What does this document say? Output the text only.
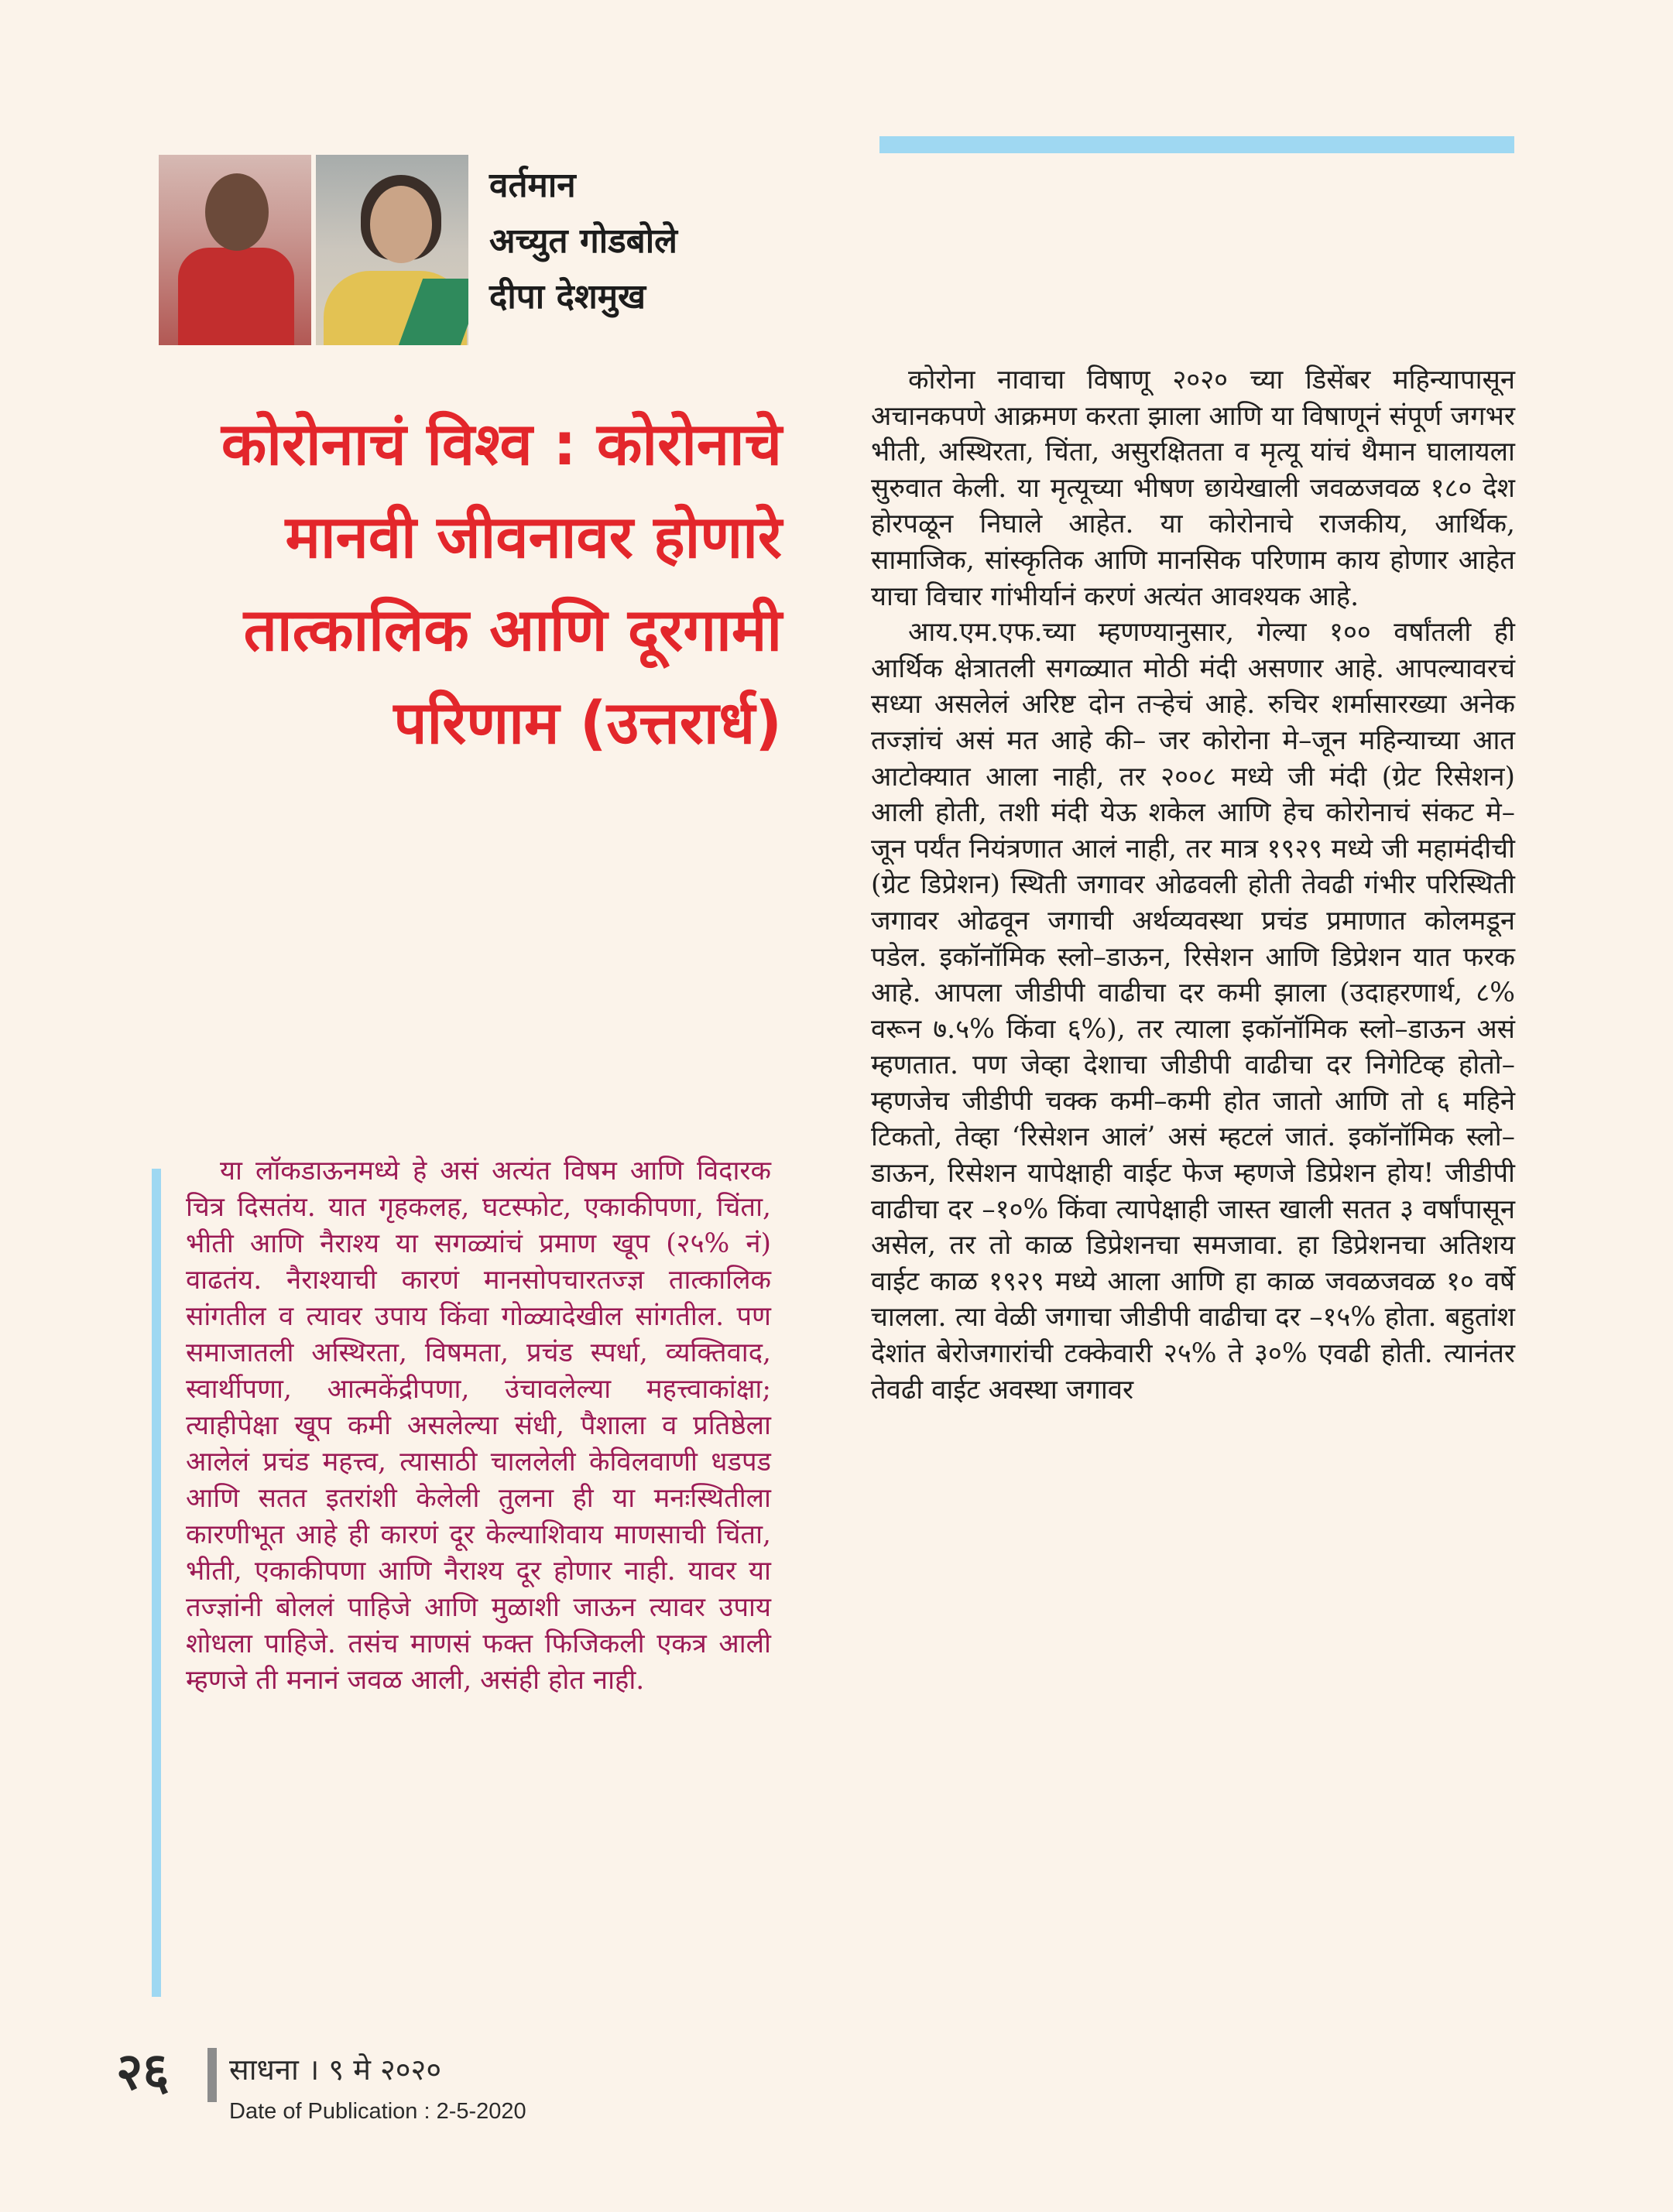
वर्तमान
अच्युत गोडबोले
दीपा देशमुख
कोरोनाचं विश्व : कोरोनाचे
मानवी जीवनावर होणारे
तात्कालिक आणि दूरगामी
परिणाम (उत्तरार्ध)

कोरोना नावाचा विषाणू २०२० च्या डिसेंबर महिन्यापासून अचानकपणे आक्रमण करता झाला आणि या विषाणूनं संपूर्ण जगभर भीती, अस्थिरता, चिंता, असुरक्षितता व मृत्यू यांचं थैमान घालायला सुरुवात केली. या मृत्यूच्या भीषण छायेखाली जवळजवळ १८० देश होरपळून निघाले आहेत. या कोरोनाचे राजकीय, आर्थिक, सामाजिक, सांस्कृतिक आणि मानसिक परिणाम काय होणार आहेत याचा विचार गांभीर्यानं करणं अत्यंत आवश्यक आहे.

आय.एम.एफ.च्या म्हणण्यानुसार, गेल्या १०० वर्षांतली ही आर्थिक क्षेत्रातली सगळ्यात मोठी मंदी असणार आहे. आपल्यावरचं सध्या असलेलं अरिष्ट दोन तऱ्हेचं आहे. रुचिर शर्मासारख्या अनेक तज्ज्ञांचं असं मत आहे की– जर कोरोना मे–जून महिन्याच्या आत आटोक्यात आला नाही, तर २००८ मध्ये जी मंदी (ग्रेट रिसेशन) आली होती, तशी मंदी येऊ शकेल आणि हेच कोरोनाचं संकट मे–जून पर्यंत नियंत्रणात आलं नाही, तर मात्र १९२९ मध्ये जी महामंदीची (ग्रेट डिप्रेशन) स्थिती जगावर ओढवली होती तेवढी गंभीर परिस्थिती जगावर ओढवून जगाची अर्थव्यवस्था प्रचंड प्रमाणात कोलमडून पडेल. इकॉनॉमिक स्लो–डाऊन, रिसेशन आणि डिप्रेशन यात फरक आहे. आपला जीडीपी वाढीचा दर कमी झाला (उदाहरणार्थ, ८% वरून ७.५% किंवा ६%), तर त्याला इकॉनॉमिक स्लो–डाऊन असं म्हणतात. पण जेव्हा देशाचा जीडीपी वाढीचा दर निगेटिव्ह होतो– म्हणजेच जीडीपी चक्क कमी–कमी होत जातो आणि तो ६ महिने टिकतो, तेव्हा ‘रिसेशन आलं’ असं म्हटलं जातं. इकॉनॉमिक स्लो–डाऊन, रिसेशन यापेक्षाही वाईट फेज म्हणजे डिप्रेशन होय! जीडीपी वाढीचा दर –१०% किंवा त्यापेक्षाही जास्त खाली सतत ३ वर्षांपासून असेल, तर तो काळ डिप्रेशनचा समजावा. हा डिप्रेशनचा अतिशय वाईट काळ १९२९ मध्ये आला आणि हा काळ जवळजवळ १० वर्षे चालला. त्या वेळी जगाचा जीडीपी वाढीचा दर –१५% होता. बहुतांश देशांत बेरोजगारांची टक्केवारी २५% ते ३०% एवढी होती. त्यानंतर तेवढी वाईट अवस्था जगावर

या लॉकडाऊनमध्ये हे असं अत्यंत विषम आणि विदारक चित्र दिसतंय. यात गृहकलह, घटस्फोट, एकाकीपणा, चिंता, भीती आणि नैराश्य या सगळ्यांचं प्रमाण खूप (२५% नं) वाढतंय. नैराश्याची कारणं मानसोपचारतज्ज्ञ तात्कालिक सांगतील व त्यावर उपाय किंवा गोळ्यादेखील सांगतील. पण समाजातली अस्थिरता, विषमता, प्रचंड स्पर्धा, व्यक्तिवाद, स्वार्थीपणा, आत्मकेंद्रीपणा, उंचावलेल्या महत्त्वाकांक्षा; त्याहीपेक्षा खूप कमी असलेल्या संधी, पैशाला व प्रतिष्ठेला आलेलं प्रचंड महत्त्व, त्यासाठी चाललेली केविलवाणी धडपड आणि सतत इतरांशी केलेली तुलना ही या मनःस्थितीला कारणीभूत आहे ही कारणं दूर केल्याशिवाय माणसाची चिंता, भीती, एकाकीपणा आणि नैराश्य दूर होणार नाही. यावर या तज्ज्ञांनी बोललं पाहिजे आणि मुळाशी जाऊन त्यावर उपाय शोधला पाहिजे. तसंच माणसं फक्त फिजिकली एकत्र आली म्हणजे ती मनानं जवळ आली, असंही होत नाही.
२६ साधना । ९ मे २०२०
Date of Publication : 2-5-2020
